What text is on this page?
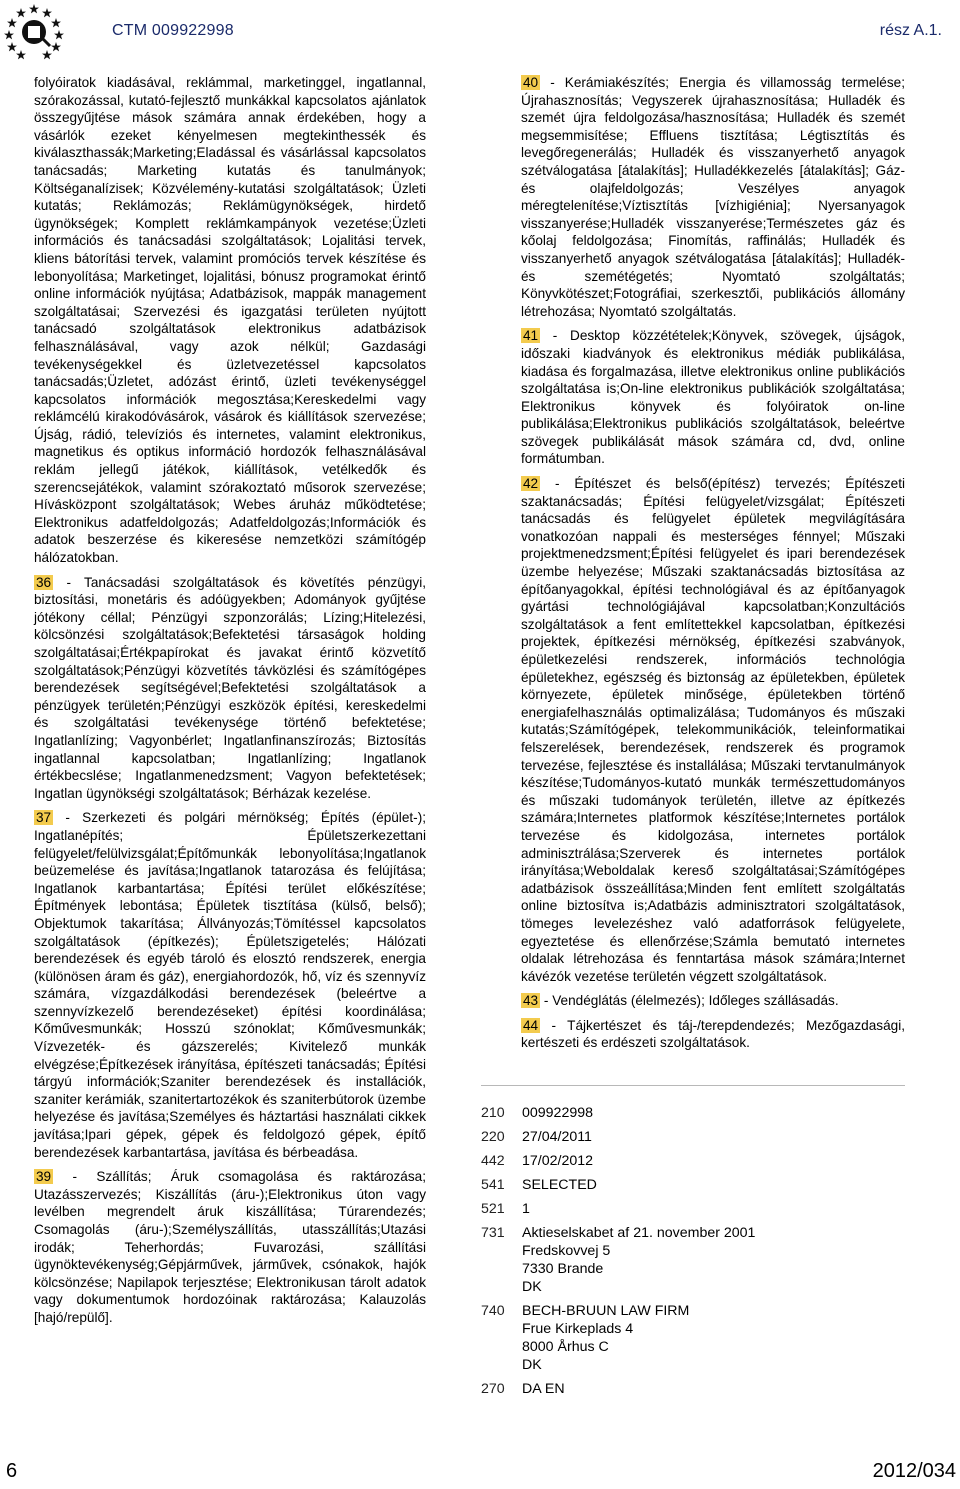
CTM 009922998	rész A.1.

folyóiratok kiadásával, reklámmal, marketinggel, ingatlannal, szórakozással, kutató-fejlesztő munkákkal kapcsolatos ajánlatok összegyűjtése mások számára annak érdekében, hogy a vásárlók ezeket kényelmesen megtekinthessék és kiválaszthassák;Marketing;Eladással és vásárlással kapcsolatos tanácsadás; Marketing kutatás és tanulmányok; Költséganalízisek; Közvélemény-kutatási szolgáltatások; Üzleti kutatás; Reklámozás; Reklámügynökségek, hirdető ügynökségek; Komplett reklámkampányok vezetése;Üzleti információs és tanácsadási szolgáltatások; Lojalitási tervek, kliens bátorítási tervek, valamint promóciós tervek készítése és lebonyolítása; Marketinget, lojalitási, bónusz programokat érintő online információk nyújtása; Adatbázisok, mappák management szolgáltatásai; Szervezési és igazgatási területen nyújtott tanácsadó szolgáltatások elektronikus adatbázisok felhasználásával, vagy azok nélkül; Gazdasági tevékenységekkel és üzletvezetéssel kapcsolatos tanácsadás;Üzletet, adózást érintő, üzleti tevékenységgel kapcsolatos információk megosztása;Kereskedelmi vagy reklámcélú kirakodóvásárok, vásárok és kiállítások szervezése; Újság, rádió, televíziós és internetes, valamint elektronikus, magnetikus és optikus információ hordozók felhasználásával reklám jellegű játékok, kiállítások, vetélkedők és szerencsejátékok, valamint szórakoztató műsorok szervezése; Hívásközpont szolgáltatások; Webes áruház működtetése; Elektronikus adatfeldolgozás; Adatfeldolgozás;Információk és adatok beszerzése és kikeresése nemzetközi számítógép hálózatokban.

36 - Tanácsadási szolgáltatások és követítés pénzügyi, biztosítási, monetáris és adóügyekben; Adományok gyűjtése jótékony céllal; Pénzügyi szponzorálás; Lízing;Hitelezési, kölcsönzési szolgáltatások;Befektetési társaságok holding szolgáltatásai;Értékpapírokat és javakat érintő közvetítő szolgáltatások;Pénzügyi közvetítés távközlési és számítógépes berendezések segítségével;Befektetési szolgáltatások a pénzügyek területén;Pénzügyi eszközök építési, kereskedelmi és szolgáltatási tevékenysége történő befektetése; Ingatlanlízing; Vagyonbérlet; Ingatlanfinanszírozás; Biztosítás ingatlannal kapcsolatban; Ingatlanlízing; Ingatlanok értékbecslése; Ingatlanmenedzsment; Vagyon befektetések; Ingatlan ügynökségi szolgáltatások; Bérházak kezelése.

37 - Szerkezeti és polgári mérnökség; Építés (épület-); Ingatlanépítés; Épületszerkezettani felügyelet/felülvizsgálat;Építőmunkák lebonyolítása;Ingatlanok beüzemelése és javítása;Ingatlanok tatarozása és felújítása; Ingatlanok karbantartása; Építési terület előkészítése; Építmények lebontása; Épületek tisztítása (külső, belső); Objektumok takarítása; Állványozás;Tömítéssel kapcsolatos szolgáltatások (építkezés); Épületszigetelés; Hálózati berendezések és egyéb tároló és elosztó rendszerek, energia (különösen áram és gáz), energiahordozók, hő, víz és szennyvíz számára, vízgazdálkodási berendezések (beleértve a szennyvízkezelő berendezéseket) építési koordinálása; Kőművesmunkák; Hosszú szónoklat; Kőművesmunkák; Vízvezeték- és gázszerelés; Kivitelező munkák elvégzése;Építkezések irányítása, építészeti tanácsadás; Építési tárgyú információk;Szaniter berendezések és installációk, szaniter kerámiák, szanitertartozékok és szaniterbútorok üzembe helyezése és javítása;Személyes és háztartási használati cikkek javítása;Ipari gépek, gépek és feldolgozó gépek, építő berendezések karbantartása, javítása és bérbeadása.

39 - Szállítás; Áruk csomagolása és raktározása; Utazásszervezés; Kiszállítás (áru-);Elektronikus úton vagy levélben megrendelt áruk kiszállítása; Túrarendezés; Csomagolás (áru-);Személyszállítás, utasszállítás;Utazási irodák; Teherhordás; Fuvarozási, szállítási ügynöktevékenység;Gépjárművek, járművek, csónakok, hajók kölcsönzése; Napilapok terjesztése; Elektronikusan tárolt adatok vagy dokumentumok hordozóinak raktározása; Kalauzolás [hajó/repülő].

40 - Kerámiakészítés; Energia és villamosság termelése; Újrahasznosítás; Vegyszerek újrahasznosítása; Hulladék és szemét újra feldolgozása/hasznosítása; Hulladék és szemét megsemmisítése; Effluens tisztítása; Légtisztítás és levegőregenerálás; Hulladék és visszanyerhető anyagok szétválogatása [átalakítás]; Hulladékkezelés [átalakítás]; Gáz- és olajfeldolgozás; Veszélyes anyagok méregtelenítése;Víztisztítás [vízhigiénia]; Nyersanyagok visszanyerése;Hulladék visszanyerése;Természetes gáz és kőolaj feldolgozása; Finomítás, raffinálás; Hulladék és visszanyerhető anyagok szétválogatása [átalakítás]; Hulladék- és szemétégetés; Nyomtató szolgáltatás; Könyvkötészet;Fotográfiai, szerkesztői, publikációs állomány létrehozása; Nyomtató szolgáltatás.

41 - Desktop közzétételek;Könyvek, szövegek, újságok, időszaki kiadványok és elektronikus médiák publikálása, kiadása és forgalmazása, illetve elektronikus online publikációs szolgáltatása is;On-line elektronikus publikációk szolgáltatása; Elektronikus könyvek és folyóiratok on-line publikálása;Elektronikus publikációs szolgáltatások, beleértve szövegek publikálását mások számára cd, dvd, online formátumban.

42 - Építészet és belső(építész) tervezés; Építészeti szaktanácsadás; Építési felügyelet/vizsgálat; Építészeti tanácsadás és felügyelet épületek megvilágítására vonatkozóan nappali és mesterséges fénnyel; Műszaki projektmenedzsment;Építési felügyelet és ipari berendezések üzembe helyezése; Műszaki szaktanácsadás biztosítása az építőanyagokkal, építési technológiával és az építőanyagok gyártási technológiájával kapcsolatban;Konzultációs szolgáltatások a fent említettekkel kapcsolatban, építkezési projektek, építkezési mérnökség, építkezési szabványok, épületkezelési rendszerek, információs technológia épületekhez, egészség és biztonság az épületekben, épületek környezete, épületek minősége, épületekben történő energiafelhasználás optimalizálása; Tudományos és műszaki kutatás;Számítógépek, telekommunikációk, teleinformatikai felszerelések, berendezések, rendszerek és programok tervezése, fejlesztése és installálása; Műszaki tervtanulmányok készítése;Tudományos-kutató munkák természettudományos és műszaki tudományok területén, illetve az építkezés számára;Internetes platformok készítése;Internetes portálok tervezése és kidolgozása, internetes portálok adminisztrálása;Szerverek és internetes portálok irányítása;Weboldalak kereső szolgáltatásai;Számítógépes adatbázisok összeállítása;Minden fent említett szolgáltatás online biztosítva is;Adatbázis adminisztratori szolgáltatások, tömeges levelezéshez való adatforrások felügyelete, egyeztetése és ellenőrzése;Számla bemutató internetes oldalak létrehozása és fenntartása mások számára;Internet kávézók vezetése területén végzett szolgáltatások.

43 - Vendéglátás (élelmezés); Időleges szállásadás.

44 - Tájkertészet és táj-/terepdendezés; Mezőgazdasági, kertészeti és erdészeti szolgáltatások.

210	009922998
220	27/04/2011
442	17/02/2012
541	SELECTED
521	1
731	Aktieselskabet af 21. november 2001
Fredskovvej 5
7330 Brande
DK
740	BECH-BRUUN LAW FIRM
Frue Kirkeplads 4
8000 Århus C
DK
270	DA EN
6	2012/034
